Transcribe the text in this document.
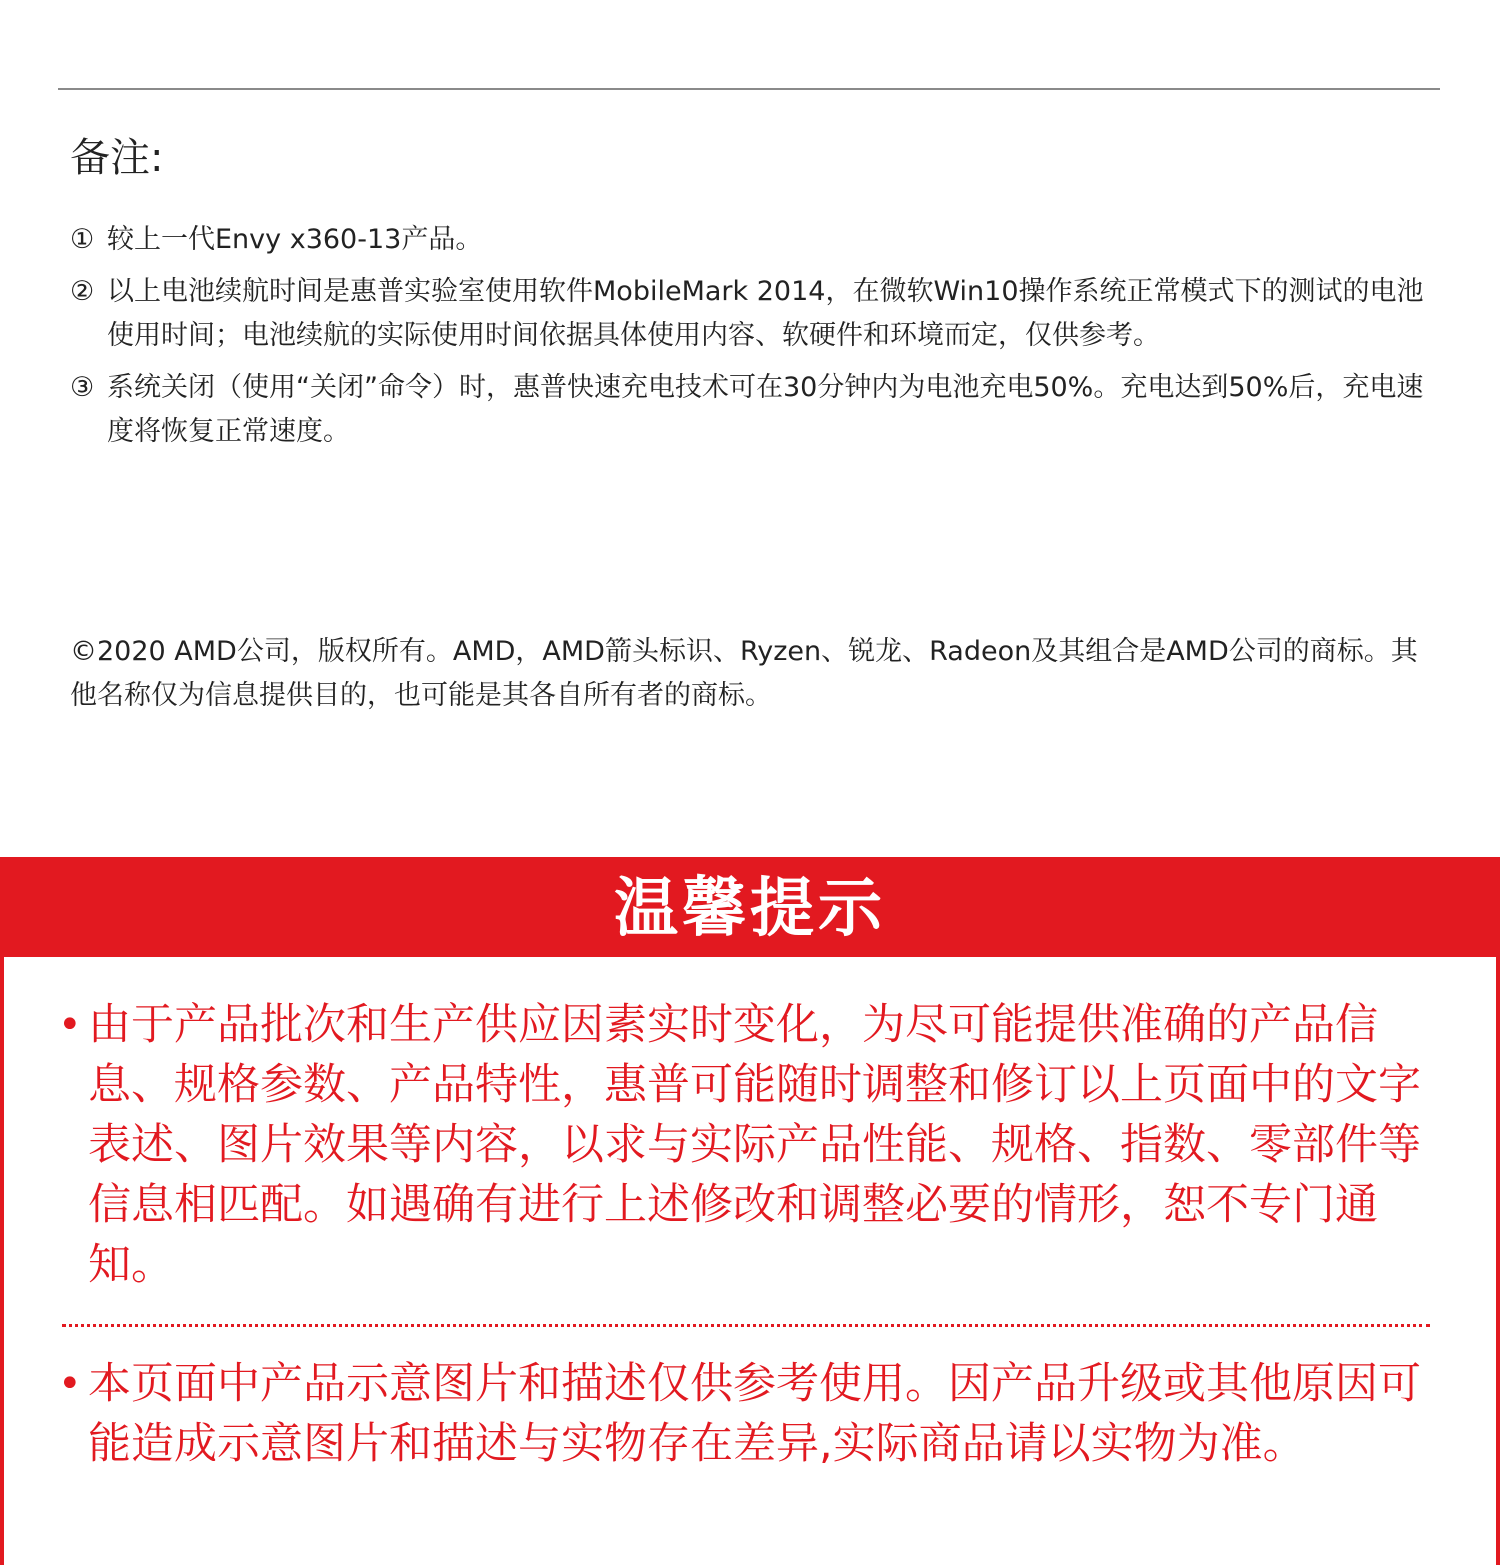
备注:
① 较上一代Envy x360-13产品。
② 以上电池续航时间是惠普实验室使用软件MobileMark 2014，在微软Win10操作系统正常模式下的测试的电池使用时间；电池续航的实际使用时间依据具体使用内容、软硬件和环境而定，仅供参考。
③ 系统关闭（使用“关闭”命令）时，惠普快速充电技术可在30分钟内为电池充电50%。充电达到50%后，充电速度将恢复正常速度。
©2020 AMD公司，版权所有。AMD，AMD箭头标识、Ryzen、锐龙、Radeon及其组合是AMD公司的商标。其他名称仅为信息提供目的，也可能是其各自所有者的商标。
温馨提示
• 由于产品批次和生产供应因素实时变化，为尽可能提供准确的产品信息、规格参数、产品特性，惠普可能随时调整和修订以上页面中的文字表述、图片效果等内容，以求与实际产品性能、规格、指数、零部件等信息相匹配。如遇确有进行上述修改和调整必要的情形，恕不专门通知。
• 本页面中产品示意图片和描述仅供参考使用。因产品升级或其他原因可能造成示意图片和描述与实物存在差异,实际商品请以实物为准。
